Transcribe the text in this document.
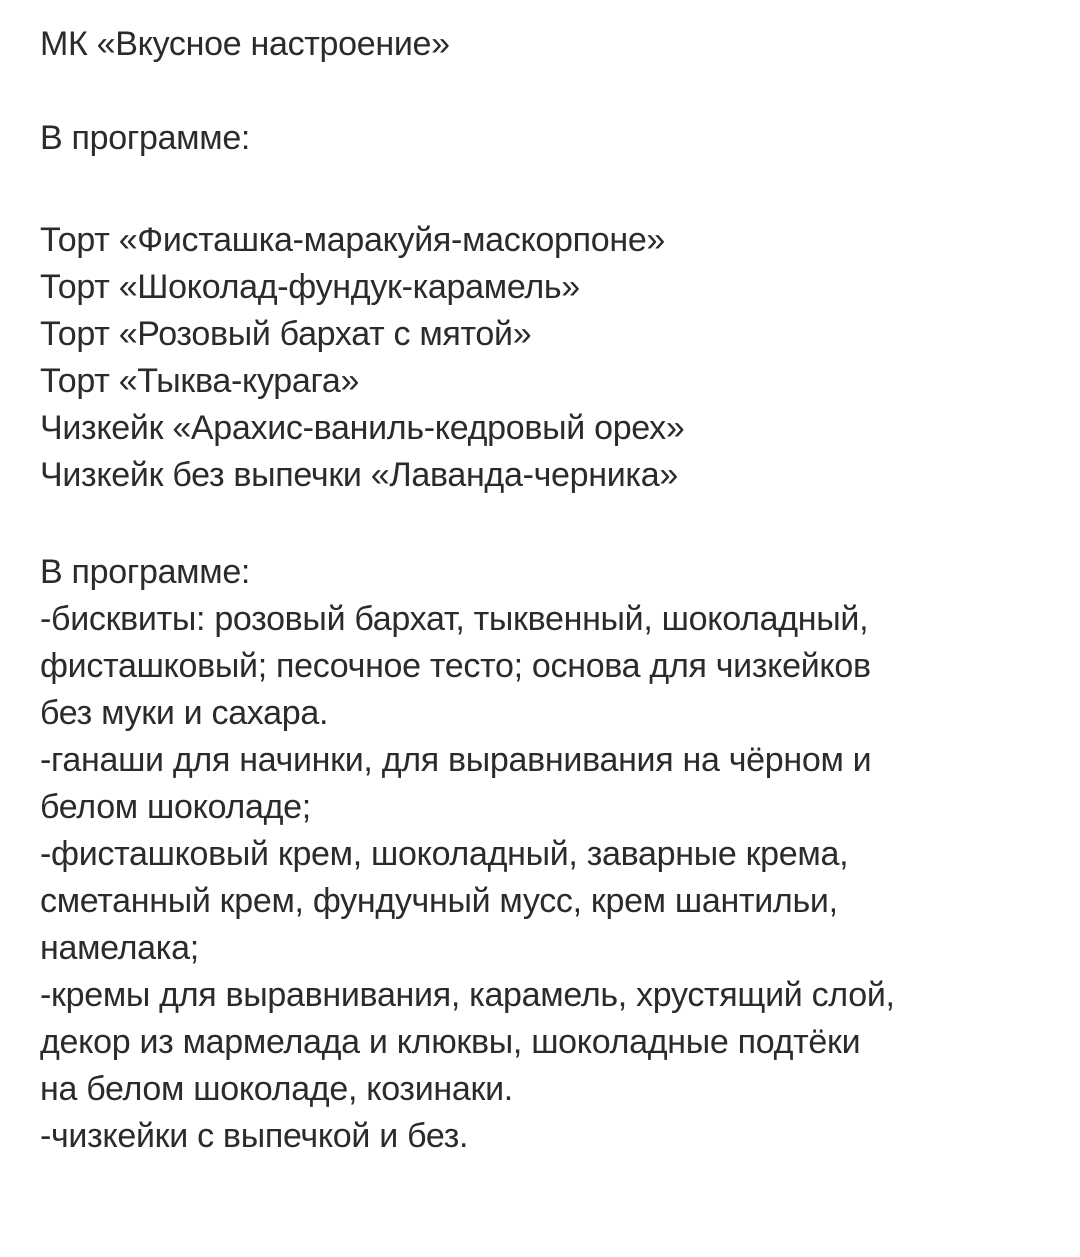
МК «Вкусное настроение»
В программе:
Торт «Фисташка-маракуйя-маскорпоне»
Торт «Шоколад-фундук-карамель»
Торт «Розовый бархат с мятой»
Торт «Тыква-курага»
Чизкейк «Арахис-ваниль-кедровый орех»
Чизкейк без выпечки «Лаванда-черника»
В программе:
-бисквиты: розовый бархат, тыквенный, шоколадный,
фисташковый; песочное тесто; основа для чизкейков
без муки и сахара.
-ганаши для начинки, для выравнивания на чёрном и
белом шоколаде;
-фисташковый крем, шоколадный, заварные крема,
сметанный крем, фундучный мусс, крем шантильи,
намелака;
-кремы для выравнивания, карамель, хрустящий слой,
декор из мармелада и клюквы, шоколадные подтёки
на белом шоколаде, козинаки.
-чизкейки с выпечкой и без.
